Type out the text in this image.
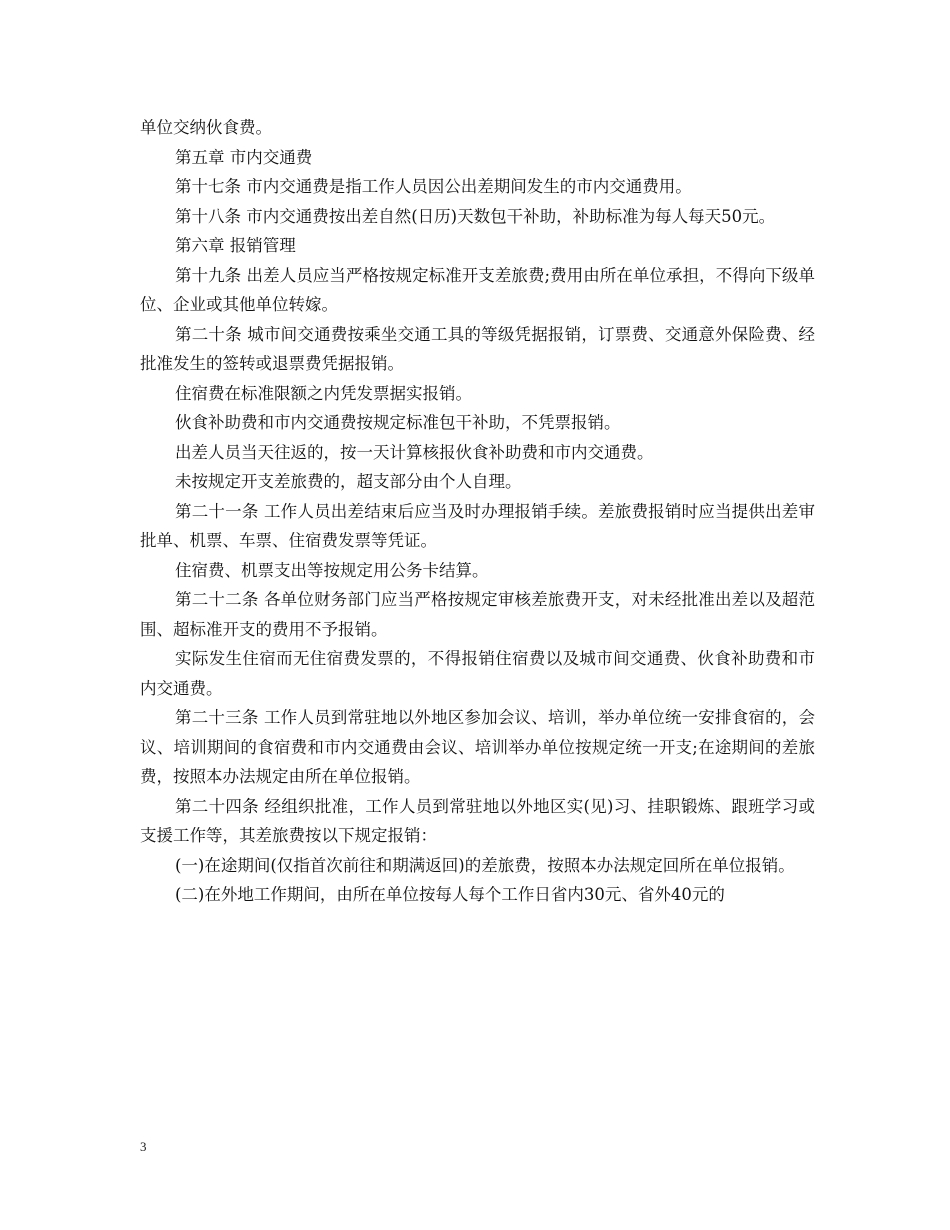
单位交纳伙食费。

第五章 市内交通费

第十七条 市内交通费是指工作人员因公出差期间发生的市内交通费用。

第十八条 市内交通费按出差自然(日历)天数包干补助，补助标准为每人每天50元。

第六章 报销管理

第十九条 出差人员应当严格按规定标准开支差旅费;费用由所在单位承担，不得向下级单位、企业或其他单位转嫁。

第二十条 城市间交通费按乘坐交通工具的等级凭据报销，订票费、交通意外保险费、经批准发生的签转或退票费凭据报销。

住宿费在标准限额之内凭发票据实报销。

伙食补助费和市内交通费按规定标准包干补助，不凭票报销。

出差人员当天往返的，按一天计算核报伙食补助费和市内交通费。

未按规定开支差旅费的，超支部分由个人自理。

第二十一条 工作人员出差结束后应当及时办理报销手续。差旅费报销时应当提供出差审批单、机票、车票、住宿费发票等凭证。

住宿费、机票支出等按规定用公务卡结算。

第二十二条 各单位财务部门应当严格按规定审核差旅费开支，对未经批准出差以及超范围、超标准开支的费用不予报销。

实际发生住宿而无住宿费发票的，不得报销住宿费以及城市间交通费、伙食补助费和市内交通费。

第二十三条 工作人员到常驻地以外地区参加会议、培训，举办单位统一安排食宿的，会议、培训期间的食宿费和市内交通费由会议、培训举办单位按规定统一开支;在途期间的差旅费，按照本办法规定由所在单位报销。

第二十四条 经组织批准，工作人员到常驻地以外地区实(见)习、挂职锻炼、跟班学习或支援工作等，其差旅费按以下规定报销：

(一)在途期间(仅指首次前往和期满返回)的差旅费，按照本办法规定回所在单位报销。

(二)在外地工作期间，由所在单位按每人每个工作日省内30元、省外40元的

3
